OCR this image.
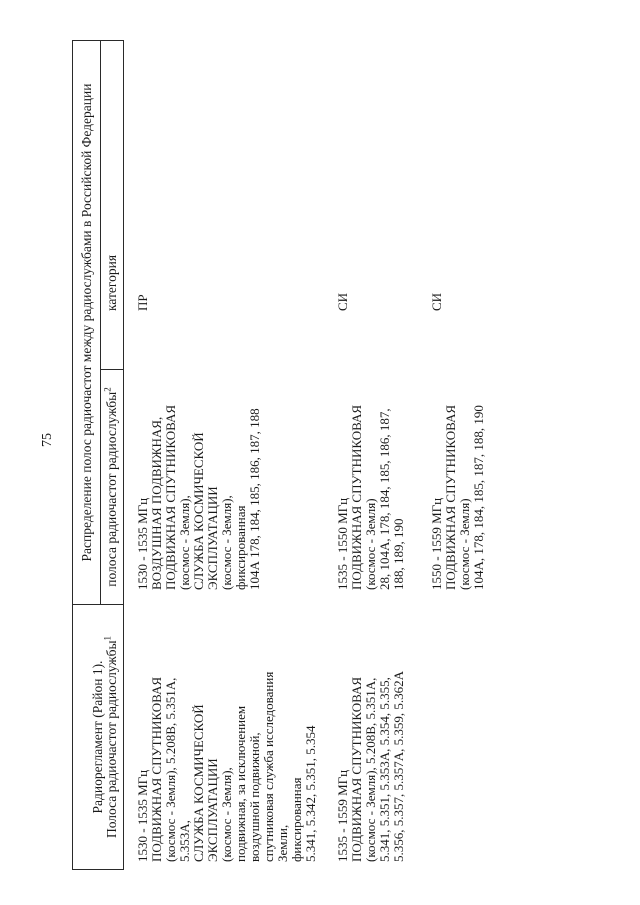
75
Радиорегламент (Район 1). Полоса радиочастот радиослужбы$^1$
Распределение полос радиочастот между радиослужбами в Российской Федерации полоса радиочастот радиослужбы$^2$
категория
1530 - 1535 МГц ПОДВИЖНАЯ СПУТНИКОВАЯ (космос - Земля), 5.208В, 5.351А, 5.353А, СЛУЖБА КОСМИЧЕСКОЙ ЭКСПЛУАТАЦИИ (космос - Земля), подвижная, за исключением воздушной подвижной, спутниковая служба исследования Земли, фиксированная 5.341, 5.342, 5.351, 5.354
1530 - 1535 МГц ВОЗДУШНАЯ ПОДВИЖНАЯ, ПОДВИЖНАЯ СПУТНИКОВАЯ (космос - Земля), СЛУЖБА КОСМИЧЕСКОЙ ЭКСПЛУАТАЦИИ (космос - Земля), фиксированная 104А 178, 184, 185, 186, 187, 188
ПР
1535 - 1559 МГц ПОДВИЖНАЯ СПУТНИКОВАЯ (космос - Земля), 5.208В, 5.351А, 5.341, 5.351, 5.353А, 5.354, 5.355, 5.356, 5.357, 5.357А, 5.359, 5.362А
1535 - 1550 МГц ПОДВИЖНАЯ СПУТНИКОВАЯ (космос - Земля) 28, 104А, 178, 184, 185, 186, 187, 188, 189, 190
СИ
1550 - 1559 МГц ПОДВИЖНАЯ СПУТНИКОВАЯ (космос - Земля) 104А, 178, 184, 185, 187, 188, 190
СИ
